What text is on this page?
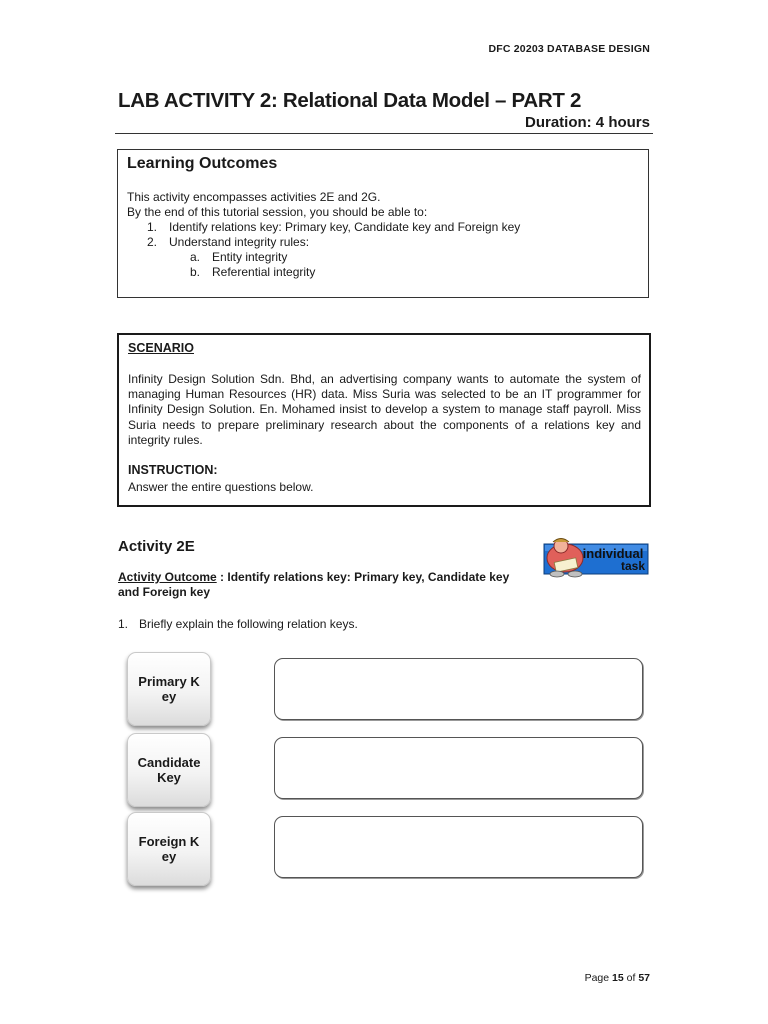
DFC 20203 DATABASE DESIGN
LAB ACTIVITY 2: Relational Data Model – PART 2
Duration: 4 hours
Learning Outcomes
This activity encompasses activities 2E and 2G.
By the end of this tutorial session, you should be able to:
1. Identify relations key: Primary key, Candidate key and Foreign key
2. Understand integrity rules:
a. Entity integrity
b. Referential integrity
SCENARIO
Infinity Design Solution Sdn. Bhd, an advertising company wants to automate the system of managing Human Resources (HR) data. Miss Suria was selected to be an IT programmer for Infinity Design Solution. En. Mohamed insist to develop a system to manage staff payroll. Miss Suria needs to prepare preliminary research about the components of a relations key and integrity rules.
INSTRUCTION:
Answer the entire questions below.
Activity 2E	individual
task
Activity Outcome : Identify relations key: Primary key, Candidate key and Foreign key
1. Briefly explain the following relation keys.
Primary Key
Candidate Key
Foreign Key
Page 15 of 57
